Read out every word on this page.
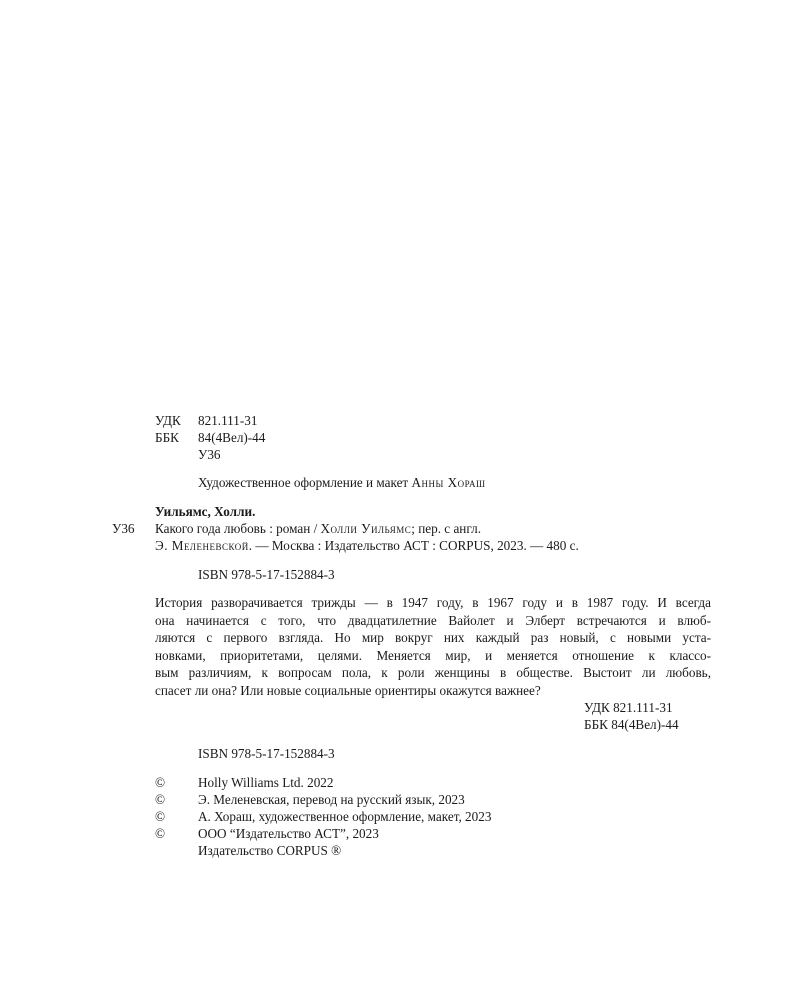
УДК 821.111-31
ББК 84(4Вел)-44
У36
Художественное оформление и макет Анны Хораш
Уильямс, Холли.
У36 Какого года любовь : роман / Холли Уильямс; пер. с англ.
Э. Меленевской. — Москва : Издательство АСТ : CORPUS, 2023. — 480 с.
ISBN 978-5-17-152884-3
История разворачивается трижды — в 1947 году, в 1967 году и в 1987 году. И всегда
она начинается с того, что двадцатилетние Вайолет и Элберт встречаются и влюб-
ляются с первого взгляда. Но мир вокруг них каждый раз новый, с новыми уста-
новками, приоритетами, целями. Меняется мир, и меняется отношение к классо-
вым различиям, к вопросам пола, к роли женщины в обществе. Выстоит ли любовь,
спасет ли она? Или новые социальные ориентиры окажутся важнее?
УДК 821.111-31
ББК 84(4Вел)-44
ISBN 978-5-17-152884-3
© Holly Williams Ltd. 2022
© Э. Меленевская, перевод на русский язык, 2023
© А. Хораш, художественное оформление, макет, 2023
© ООО “Издательство АСТ”, 2023
Издательство CORPUS ®
